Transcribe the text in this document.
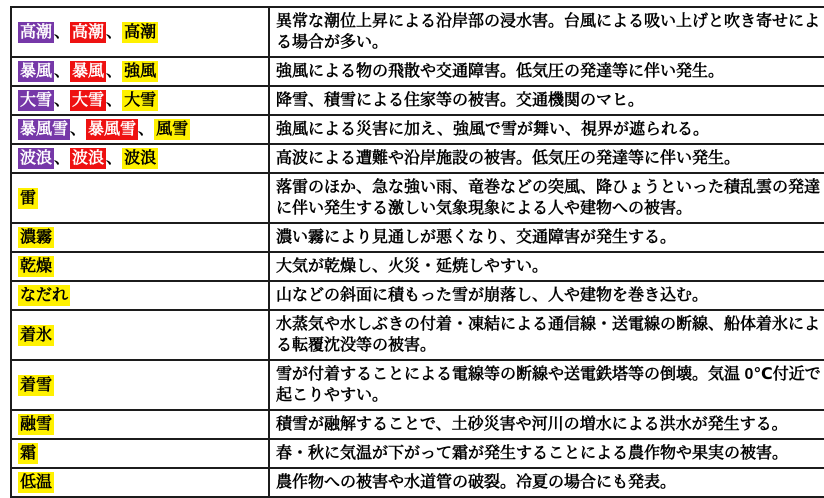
高潮 、 高潮 、 高潮	異常な潮位上昇による沿岸部の浸水害。台風による吸い上げと吹き寄せによる場合が多い。
暴風 、 暴風 、 強風	強風による物の飛散や交通障害。低気圧の発達等に伴い発生。
大雪 、 大雪 、 大雪	降雪、積雪による住家等の被害。交通機関のマヒ。
暴風雪 、 暴風雪 、 風雪	強風による災害に加え、強風で雪が舞い、視界が遮られる。
波浪 、 波浪 、 波浪	高波による遭難や沿岸施設の被害。低気圧の発達等に伴い発生。
雷	落雷のほか、急な強い雨、竜巻などの突風、降ひょうといった積乱雲の発達に伴い発生する激しい気象現象による人や建物への被害。
濃霧	濃い霧により見通しが悪くなり、交通障害が発生する。
乾燥	大気が乾燥し、火災・延焼しやすい。
なだれ	山などの斜面に積もった雪が崩落し、人や建物を巻き込む。
着氷	水蒸気や水しぶきの付着・凍結による通信線・送電線の断線、船体着氷による転覆沈没等の被害。
着雪	雪が付着することによる電線等の断線や送電鉄塔等の倒壊。気温 0℃付近で起こりやすい。
融雪	積雪が融解することで、土砂災害や河川の増水による洪水が発生する。
霜	春・秋に気温が下がって霜が発生することによる農作物や果実の被害。
低温	農作物への被害や水道管の破裂。冷夏の場合にも発表。
